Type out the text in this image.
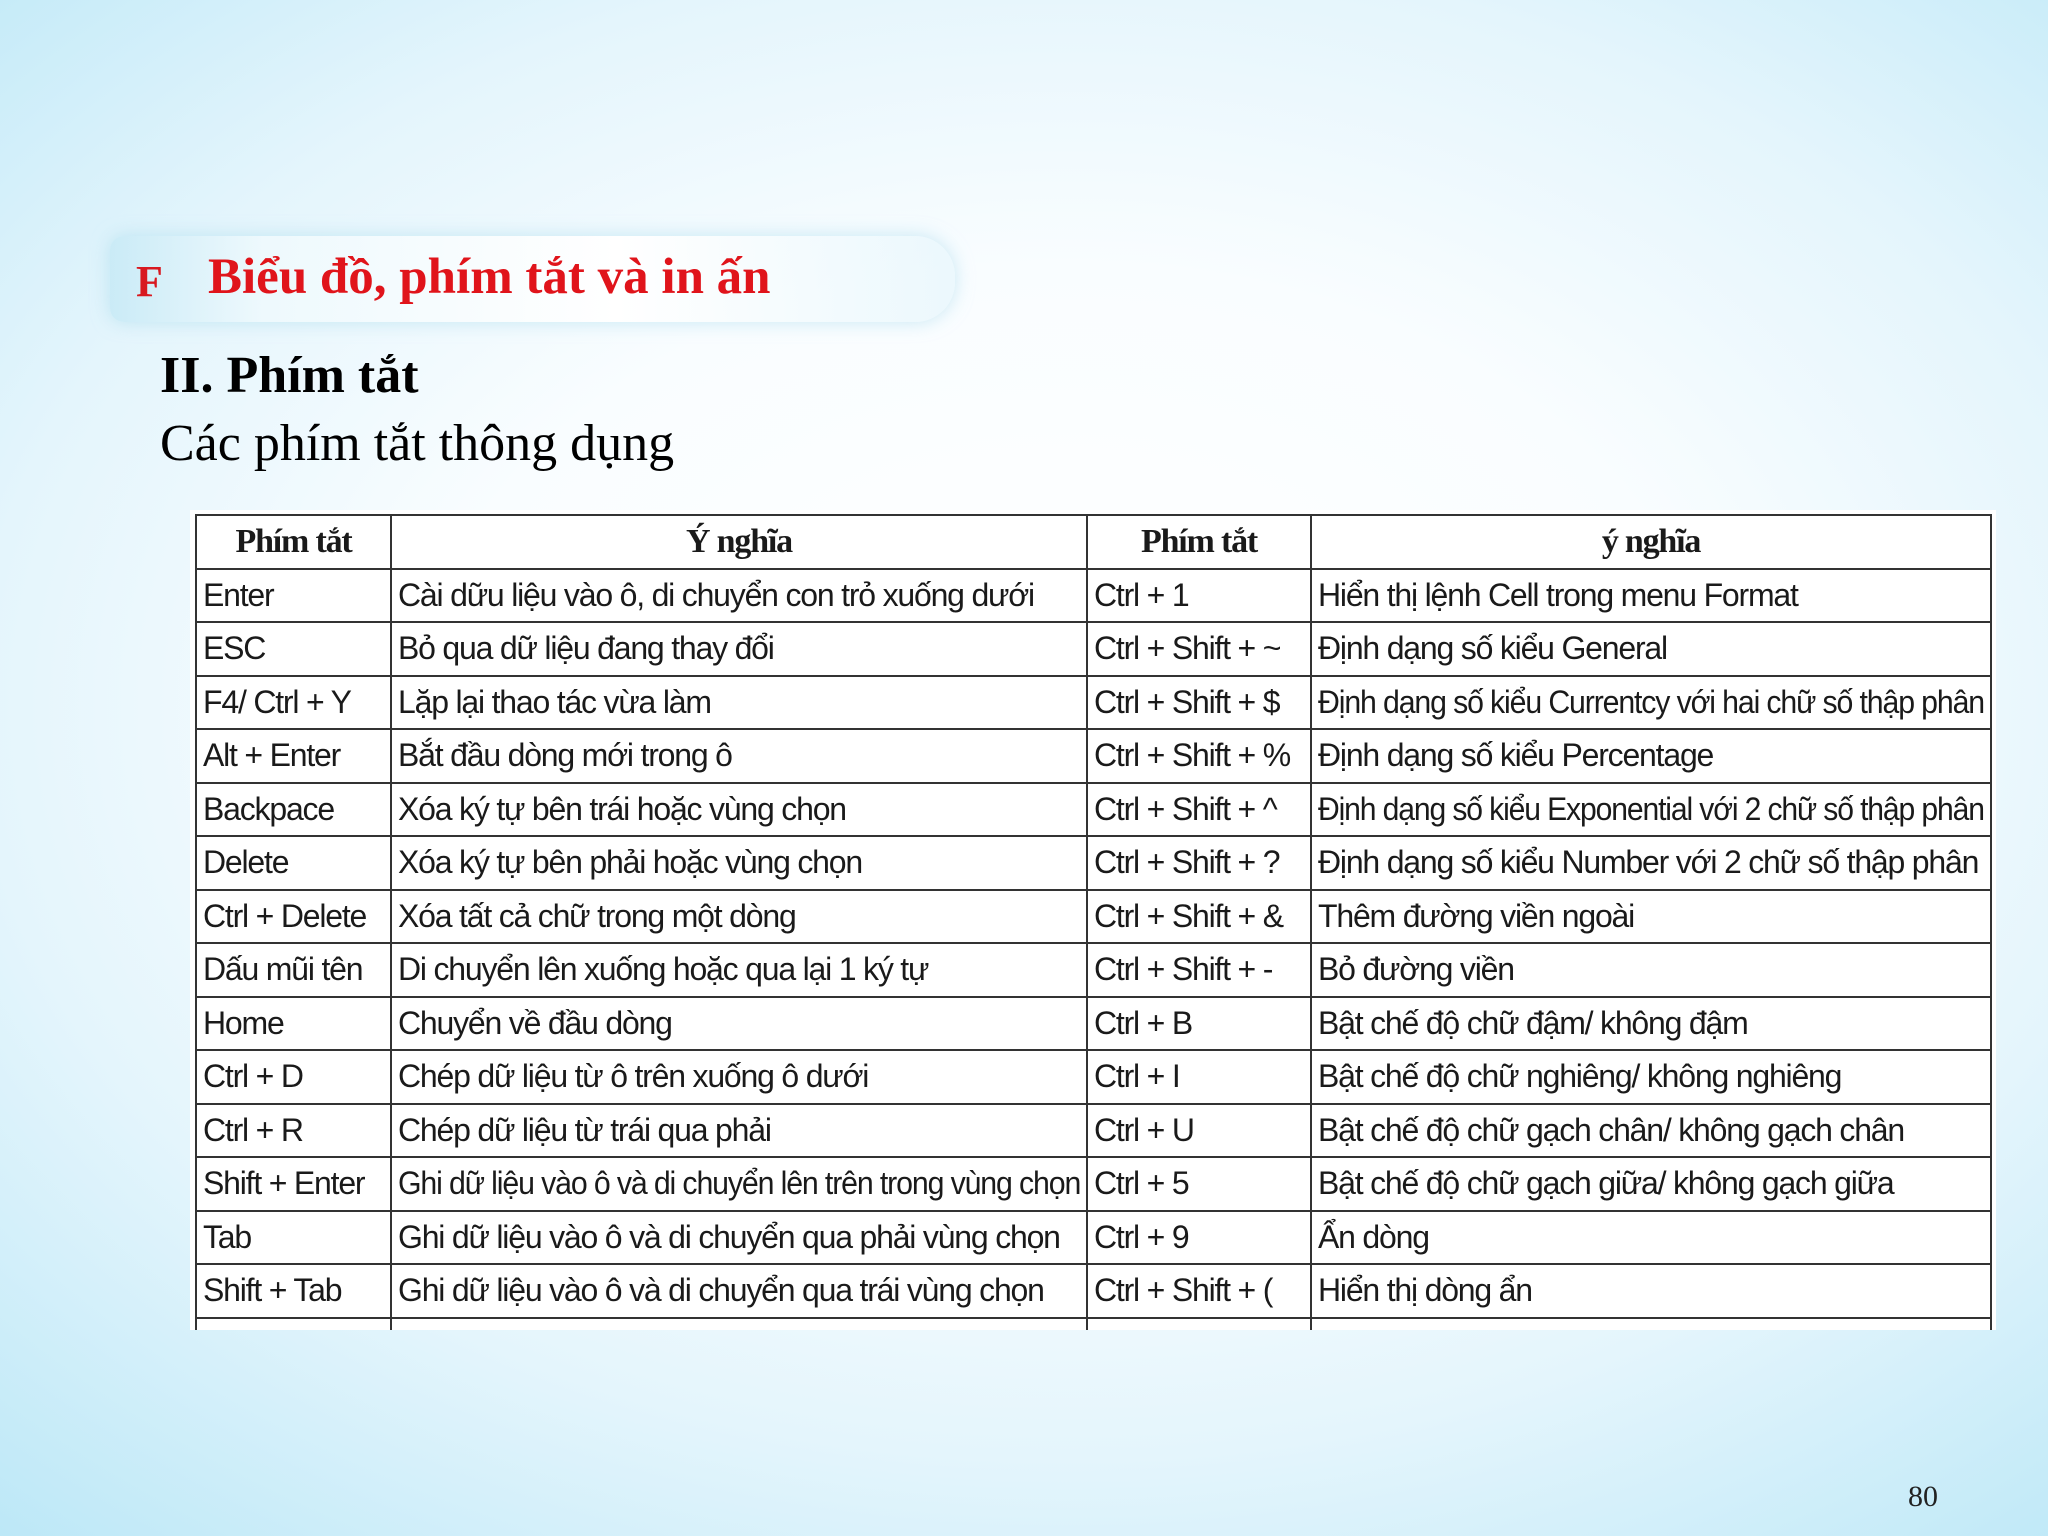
F Biểu đồ, phím tắt và in ấn
II. Phím tắt
Các phím tắt thông dụng
Phím tắt	Ý nghĩa	Phím tắt	ý nghĩa
Enter	Cài dữu liệu vào ô, di chuyển con trỏ xuống dưới	Ctrl + 1	Hiển thị lệnh Cell trong menu Format
ESC	Bỏ qua dữ liệu đang thay đổi	Ctrl + Shift + ~	Định dạng số kiểu General
F4/ Ctrl + Y	Lặp lại thao tác vừa làm	Ctrl + Shift + $	Định dạng số kiểu Currentcy với hai chữ số thập phân
Alt + Enter	Bắt đầu dòng mới trong ô	Ctrl + Shift + %	Định dạng số kiểu Percentage
Backpace	Xóa ký tự bên trái hoặc vùng chọn	Ctrl + Shift + ^	Định dạng số kiểu Exponential với 2 chữ số thập phân
Delete	Xóa ký tự bên phải hoặc vùng chọn	Ctrl + Shift + ?	Định dạng số kiểu Number với 2 chữ số thập phân
Ctrl + Delete	Xóa tất cả chữ trong một dòng	Ctrl + Shift + &	Thêm đường viền ngoài
Dấu mũi tên	Di chuyển lên xuống hoặc qua lại 1 ký tự	Ctrl + Shift + -	Bỏ đường viền
Home	Chuyển về đầu dòng	Ctrl + B	Bật chế độ chữ đậm/ không đậm
Ctrl + D	Chép dữ liệu từ ô trên xuống ô dưới	Ctrl + I	Bật chế độ chữ nghiêng/ không nghiêng
Ctrl + R	Chép dữ liệu từ trái qua phải	Ctrl + U	Bật chế độ chữ gạch chân/ không gạch chân
Shift + Enter	Ghi dữ liệu vào ô và di chuyển lên trên trong vùng chọn	Ctrl + 5	Bật chế độ chữ gạch giữa/ không gạch giữa
Tab	Ghi dữ liệu vào ô và di chuyển qua phải vùng chọn	Ctrl + 9	Ẩn dòng
Shift + Tab	Ghi dữ liệu vào ô và di chuyển qua trái vùng chọn	Ctrl + Shift + (	Hiển thị dòng ẩn

80
